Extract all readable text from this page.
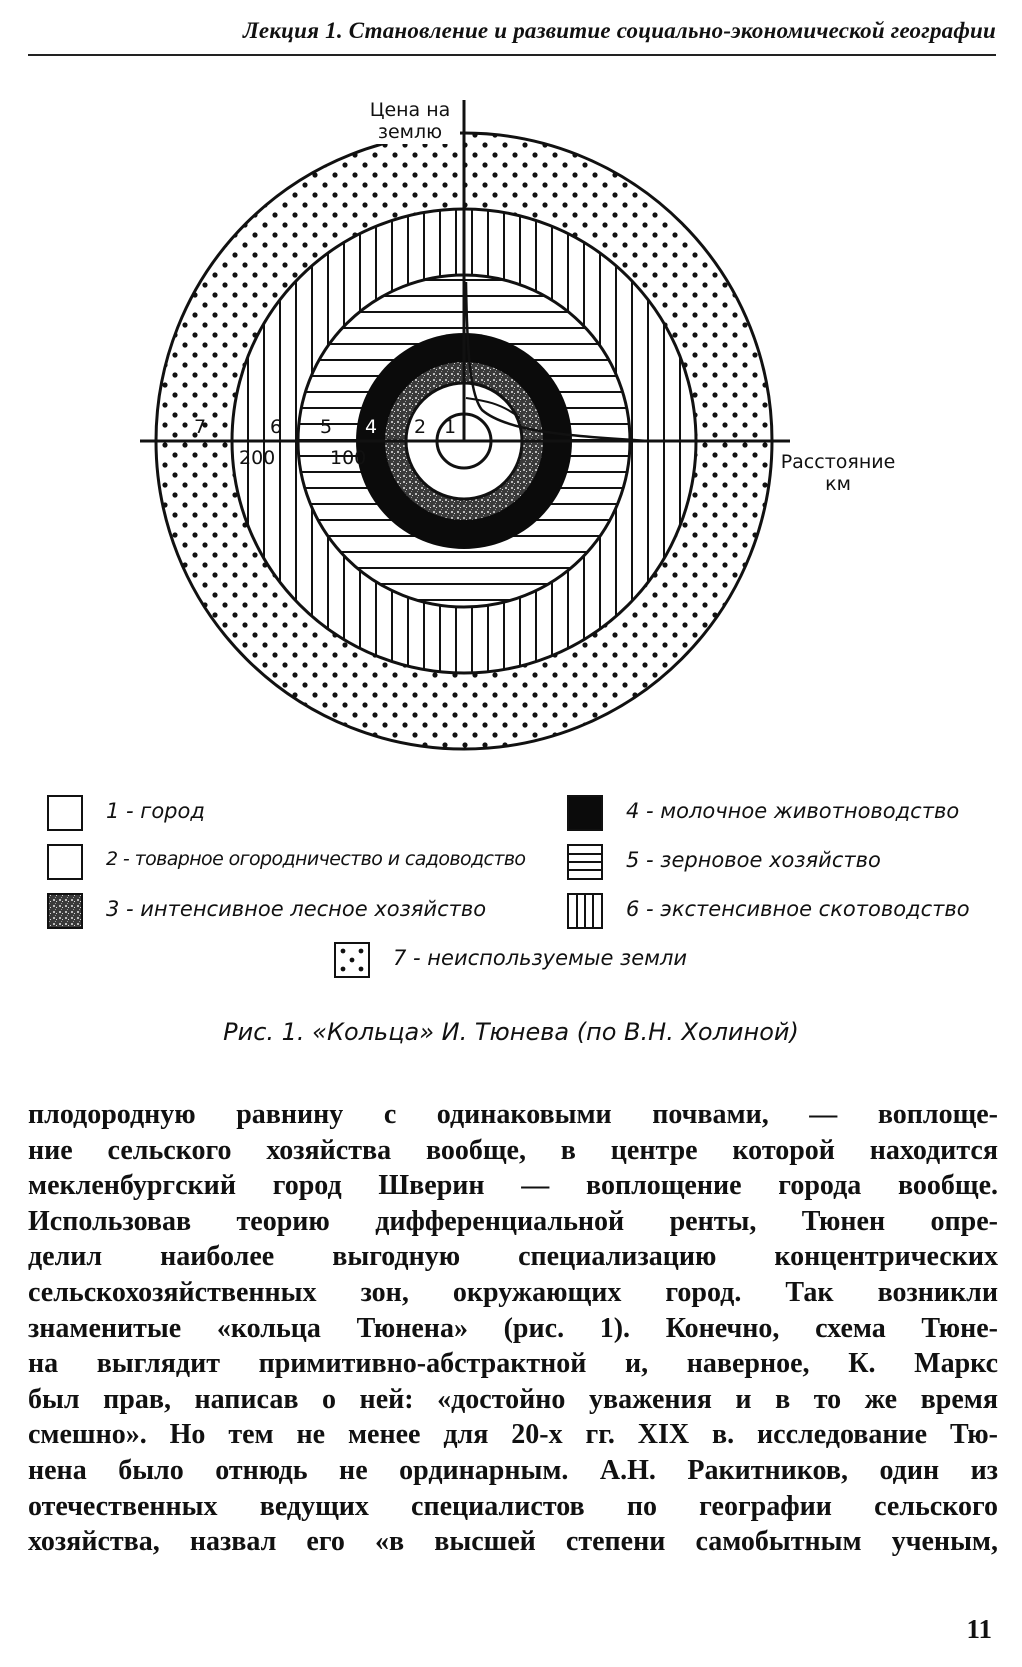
Лекция 1. Становление и развитие социально-экономической географии
7	6 5 4 2 1
200	100
Цена на
землю
Расстояние
км
1 - город
2 - товарное огородничество и садоводство
3 - интенсивное лесное хозяйство
4 - молочное животноводство
5 - зерновое хозяйство
6 - экстенсивное скотоводство
7 - неиспользуемые земли
Рис. 1. «Кольца» И. Тюнева (по В.Н. Холиной)
плодородную равнину с одинаковыми почвами, — воплоще-
ние сельского хозяйства вообще, в центре которой находится
мекленбургский город Шверин — воплощение города вообще.
Использовав теорию дифференциальной ренты, Тюнен опре-
делил наиболее выгодную специализацию концентрических
сельскохозяйственных зон, окружающих город. Так возникли
знаменитые «кольца Тюнена» (рис. 1). Конечно, схема Тюне-
на выглядит примитивно-абстрактной и, наверное, К. Маркс
был прав, написав о ней: «достойно уважения и в то же время
смешно». Но тем не менее для 20-х гг. XIX в. исследование Тю-
нена было отнюдь не ординарным. А.Н. Ракитников, один из
отечественных ведущих специалистов по географии сельского
хозяйства, назвал его «в высшей степени самобытным ученым,
11
